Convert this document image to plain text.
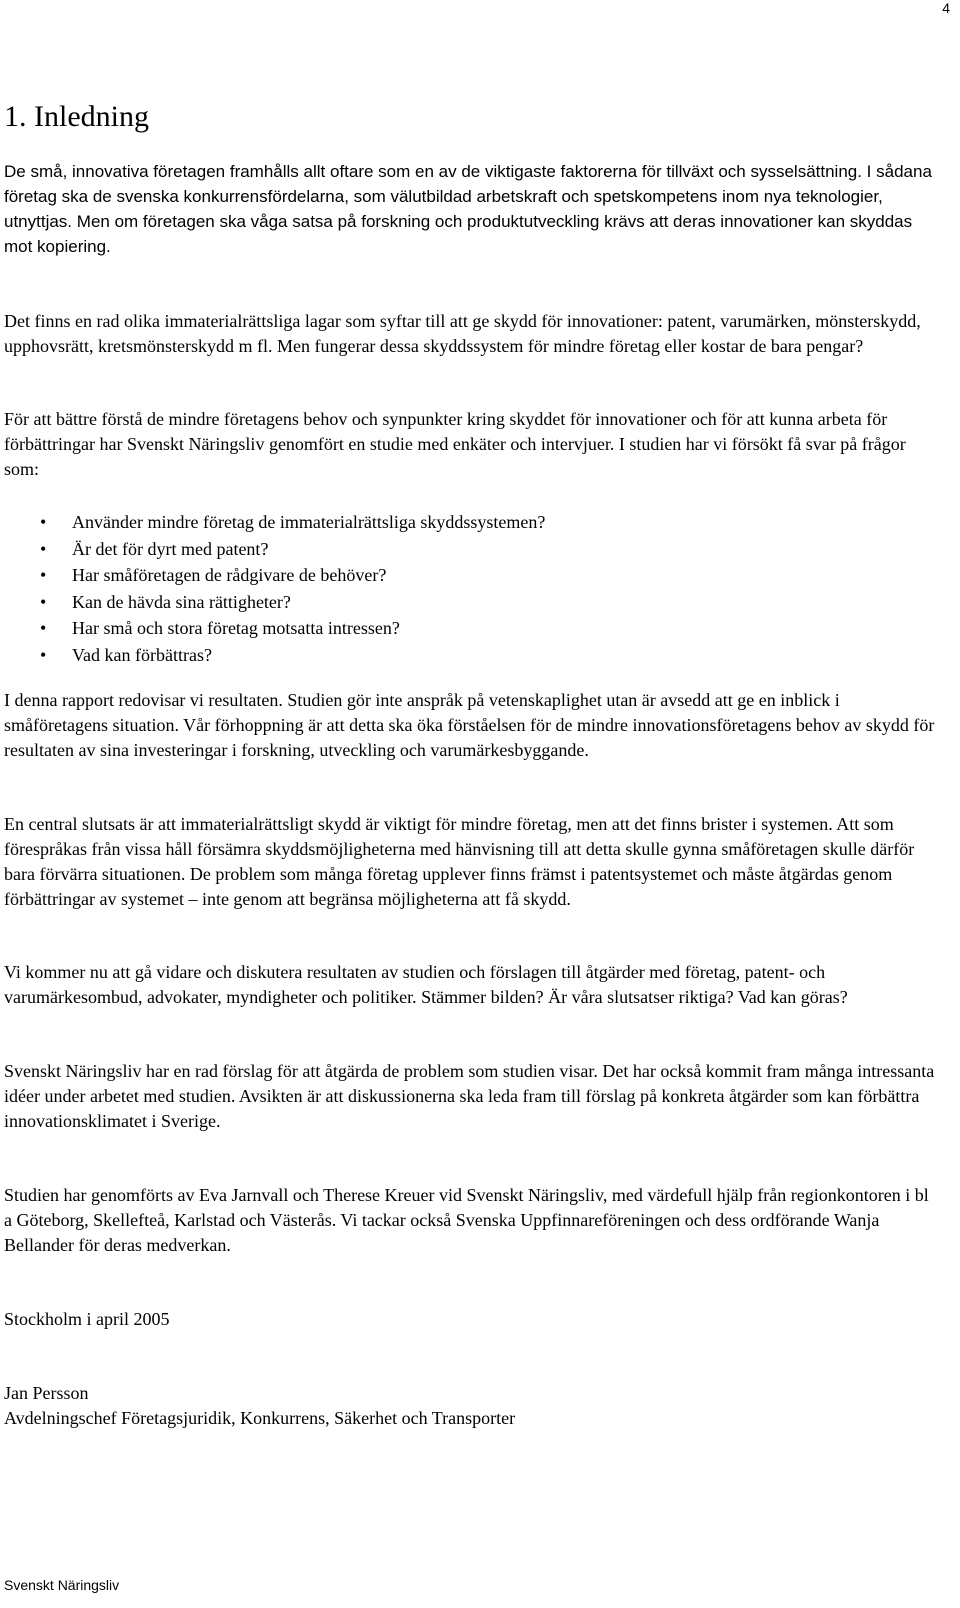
4
1. Inledning

De små, innovativa företagen framhålls allt oftare som en av de viktigaste faktorerna för tillväxt och sysselsättning. I sådana företag ska de svenska konkurrensfördelarna, som välutbildad arbetskraft och spetskompetens inom nya teknologier, utnyttjas. Men om företagen ska våga satsa på forskning och produktutveckling krävs att deras innovationer kan skyddas mot kopiering.

Det finns en rad olika immaterialrättsliga lagar som syftar till att ge skydd för innovationer: patent, varumärken, mönsterskydd, upphovsrätt, kretsmönsterskydd m fl. Men fungerar dessa skyddssystem för mindre företag eller kostar de bara pengar?

För att bättre förstå de mindre företagens behov och synpunkter kring skyddet för innovationer och för att kunna arbeta för förbättringar har Svenskt Näringsliv genomfört en studie med enkäter och intervjuer. I studien har vi försökt få svar på frågor som:

• Använder mindre företag de immaterialrättsliga skyddssystemen?
• Är det för dyrt med patent?
• Har småföretagen de rådgivare de behöver?
• Kan de hävda sina rättigheter?
• Har små och stora företag motsatta intressen?
• Vad kan förbättras?

I denna rapport redovisar vi resultaten. Studien gör inte anspråk på vetenskaplighet utan är avsedd att ge en inblick i småföretagens situation. Vår förhoppning är att detta ska öka förståelsen för de mindre innovationsföretagens behov av skydd för resultaten av sina investeringar i forskning, utveckling och varumärkesbyggande.

En central slutsats är att immaterialrättsligt skydd är viktigt för mindre företag, men att det finns brister i systemen. Att som förespråkas från vissa håll försämra skyddsmöjligheterna med hänvisning till att detta skulle gynna småföretagen skulle därför bara förvärra situationen. De problem som många företag upplever finns främst i patentsystemet och måste åtgärdas genom förbättringar av systemet – inte genom att begränsa möjligheterna att få skydd.

Vi kommer nu att gå vidare och diskutera resultaten av studien och förslagen till åtgärder med företag, patent- och varumärkesombud, advokater, myndigheter och politiker. Stämmer bilden? Är våra slutsatser riktiga? Vad kan göras?

Svenskt Näringsliv har en rad förslag för att åtgärda de problem som studien visar. Det har också kommit fram många intressanta idéer under arbetet med studien. Avsikten är att diskussionerna ska leda fram till förslag på konkreta åtgärder som kan förbättra innovationsklimatet i Sverige.

Studien har genomförts av Eva Jarnvall och Therese Kreuer vid Svenskt Näringsliv, med värdefull hjälp från regionkontoren i bl a Göteborg, Skellefteå, Karlstad och Västerås. Vi tackar också Svenska Uppfinnareföreningen och dess ordförande Wanja Bellander för deras medverkan.

Stockholm i april 2005

Jan Persson

Avdelningschef Företagsjuridik, Konkurrens, Säkerhet och Transporter

Svenskt Näringsliv
